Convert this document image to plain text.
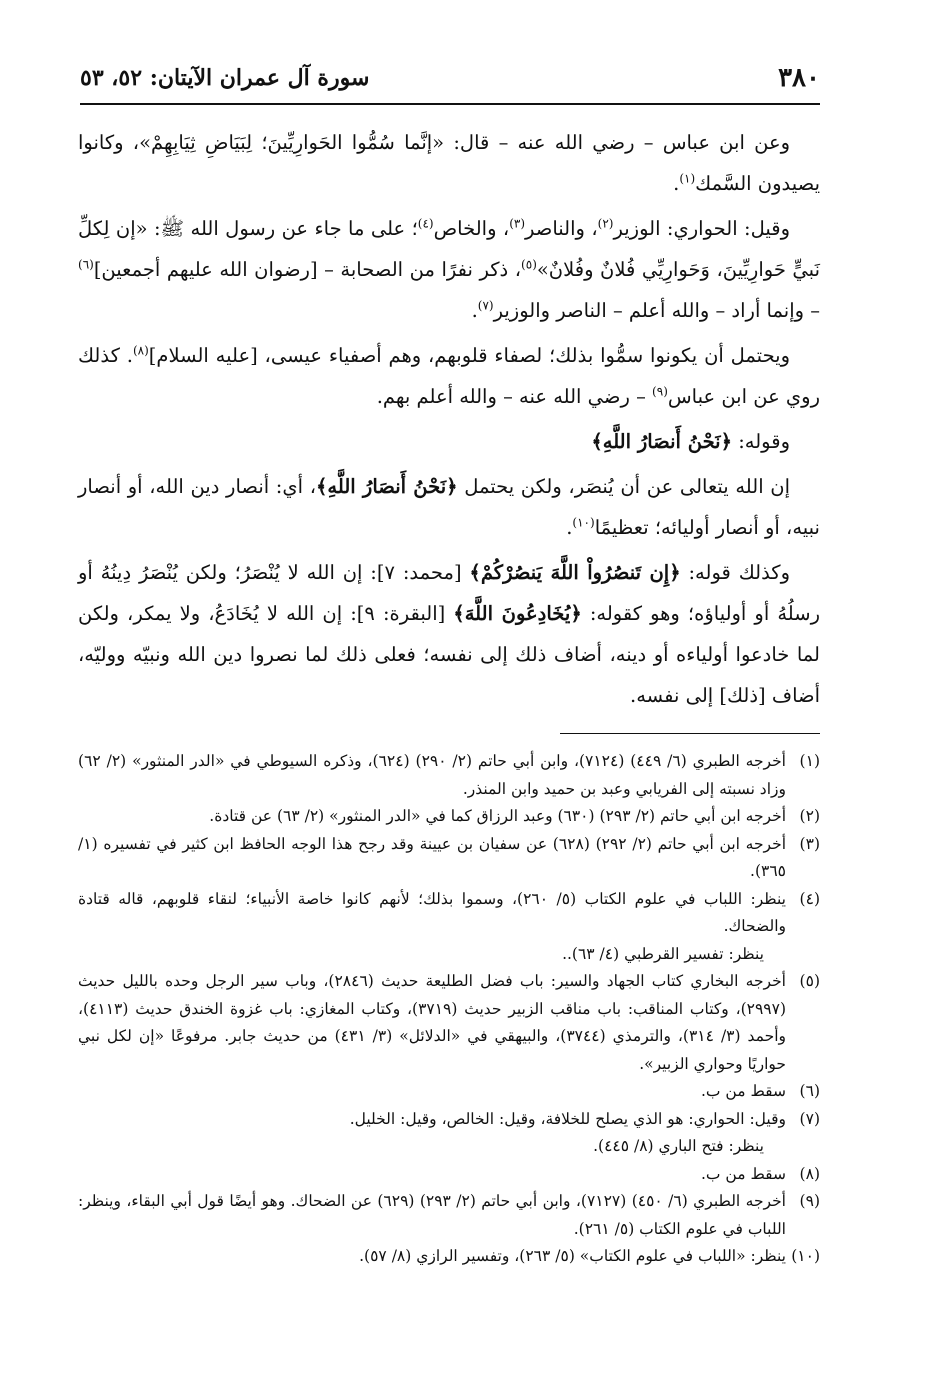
٣٨٠
سورة آل عمران الآيتان: ٥٢، ٥٣

وعن ابن عباس – رضي الله عنه – قال: «إنَّما سُمُّوا الحَوارِيِّينَ؛ لِبَيَاضِ ثِيَابِهِمْ»، وكانوا يصيدون السَّمك$^{(١)}$.

وقيل: الحواري: الوزير$^{(٢)}$، والناصر$^{(٣)}$، والخاص$^{(٤)}$؛ على ما جاء عن رسول الله ﷺ: «إن لِكلِّ نَبيٍّ حَوارِيِّينَ، وَحَوارِيِّي فُلانٌ وفُلانٌ»$^{(٥)}$، ذكر نفرًا من الصحابة – [رضوان الله عليهم أجمعين]$^{(٦)}$ – وإنما أراد – والله أعلم – الناصر والوزير$^{(٧)}$.

ويحتمل أن يكونوا سمُّوا بذلك؛ لصفاء قلوبهم، وهم أصفياء عيسى، [عليه السلام]$^{(٨)}$. كذلك روي عن ابن عباس$^{(٩)}$ – رضي الله عنه – والله أعلم بهم.

وقوله: ﴿نَحْنُ أَنصَارُ اللَّهِ﴾

إن الله يتعالى عن أن يُنصَر، ولكن يحتمل ﴿نَحْنُ أَنصَارُ اللَّهِ﴾، أي: أنصار دين الله، أو أنصار نبيه، أو أنصار أوليائه؛ تعظيمًا$^{(١٠)}$.

وكذلك قوله: ﴿إِن تَنصُرُواْ اللَّهَ يَنصُرْكُمْ﴾ [محمد: ٧]: إن الله لا يُنْصَرُ؛ ولكن يُنْصَرُ دِينُهُ أو رسلُهُ أو أولياؤه؛ وهو كقوله: ﴿يُخَادِعُونَ اللَّهَ﴾ [البقرة: ٩]: إن الله لا يُخَادَعُ، ولا يمكر، ولكن لما خادعوا أولياءه أو دينه، أضاف ذلك إلى نفسه؛ فعلى ذلك لما نصروا دين الله ونبيّه ووليّه، أضاف [ذلك] إلى نفسه.

(١)
أخرجه الطبري (٦/ ٤٤٩) (٧١٢٤)، وابن أبي حاتم (٢/ ٢٩٠) (٦٢٤)، وذكره السيوطي في «الدر المنثور» (٢/ ٦٢) وزاد نسبته إلى الفريابي وعبد بن حميد وابن المنذر.
(٢)
أخرجه ابن أبي حاتم (٢/ ٢٩٣) (٦٣٠) وعبد الرزاق كما في «الدر المنثور» (٢/ ٦٣) عن قتادة.
(٣)
أخرجه ابن أبي حاتم (٢/ ٢٩٢) (٦٢٨) عن سفيان بن عيينة وقد رجح هذا الوجه الحافظ ابن كثير في تفسيره (١/ ٣٦٥).
(٤)
ينظر: اللباب في علوم الكتاب (٥/ ٢٦٠)، وسموا بذلك؛ لأنهم كانوا خاصة الأنبياء؛ لنقاء قلوبهم، قاله قتادة والضحاك.
ينظر: تفسير القرطبي (٤/ ٦٣)..
(٥)
أخرجه البخاري كتاب الجهاد والسير: باب فضل الطليعة حديث (٢٨٤٦)، وباب سير الرجل وحده بالليل حديث (٢٩٩٧)، وكتاب المناقب: باب مناقب الزبير حديث (٣٧١٩)، وكتاب المغازي: باب غزوة الخندق حديث (٤١١٣)، وأحمد (٣/ ٣١٤)، والترمذي (٣٧٤٤)، والبيهقي في «الدلائل» (٣/ ٤٣١) من حديث جابر. مرفوعًا «إن لكل نبي حواريًا وحواري الزبير».
(٦)
سقط من ب.
(٧)
وقيل: الحواري: هو الذي يصلح للخلافة، وقيل: الخالص، وقيل: الخليل.
ينظر: فتح الباري (٨/ ٤٤٥).
(٨)
سقط من ب.
(٩)
أخرجه الطبري (٦/ ٤٥٠) (٧١٢٧)، وابن أبي حاتم (٢/ ٢٩٣) (٦٢٩) عن الضحاك. وهو أيضًا قول أبي البقاء، وينظر: اللباب في علوم الكتاب (٥/ ٢٦١).
(١٠)
ينظر: «اللباب في علوم الكتاب» (٥/ ٢٦٣)، وتفسير الرازي (٨/ ٥٧).
